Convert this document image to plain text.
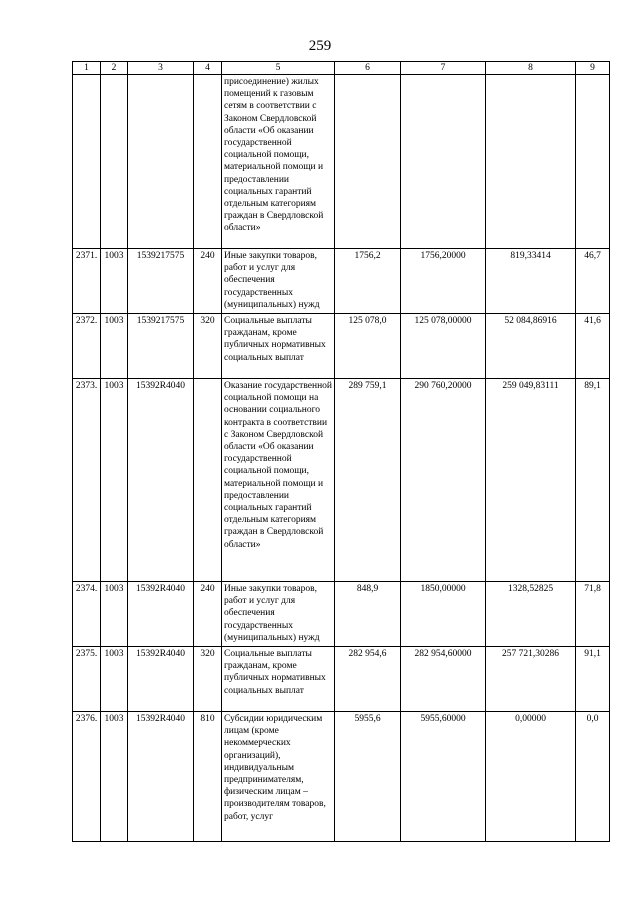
259
1	2	3	4	5	6	7	8	9
				присоединение) жилых помещений к газовым сетям в соответствии с Законом Свердловской области «Об оказании государственной социальной помощи, материальной помощи и предоставлении социальных гарантий отдельным категориям граждан в Свердловской области»				
2371.	1003	1539217575	240	Иные закупки товаров, работ и услуг для обеспечения государственных (муниципальных) нужд	1756,2	1756,20000	819,33414	46,7
2372.	1003	1539217575	320	Социальные выплаты гражданам, кроме публичных нормативных социальных выплат	125 078,0	125 078,00000	52 084,86916	41,6
2373.	1003	15392R4040		Оказание государственной социальной помощи на основании социального контракта в соответствии с Законом Свердловской области «Об оказании государственной социальной помощи, материальной помощи и предоставлении социальных гарантий отдельным категориям граждан в Свердловской области»	289 759,1	290 760,20000	259 049,83111	89,1
2374.	1003	15392R4040	240	Иные закупки товаров, работ и услуг для обеспечения государственных (муниципальных) нужд	848,9	1850,00000	1328,52825	71,8
2375.	1003	15392R4040	320	Социальные выплаты гражданам, кроме публичных нормативных социальных выплат	282 954,6	282 954,60000	257 721,30286	91,1
2376.	1003	15392R4040	810	Субсидии юридическим лицам (кроме некоммерческих организаций), индивидуальным предпринимателям, физическим лицам – производителям товаров, работ, услуг	5955,6	5955,60000	0,00000	0,0
